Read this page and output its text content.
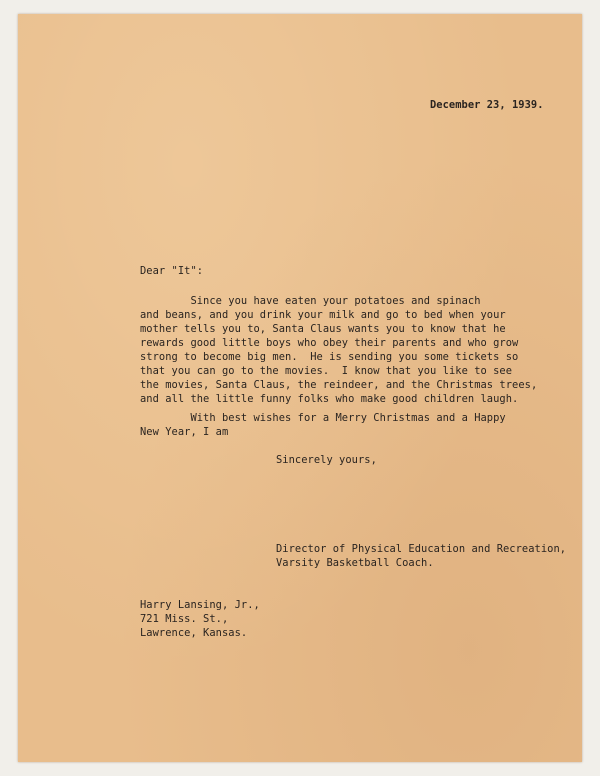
December 23, 1939.
Dear "It":
Since you have eaten your potatoes and spinach
and beans, and you drink your milk and go to bed when your
mother tells you to, Santa Claus wants you to know that he
rewards good little boys who obey their parents and who grow
strong to become big men.  He is sending you some tickets so
that you can go to the movies.  I know that you like to see
the movies, Santa Claus, the reindeer, and the Christmas trees,
and all the little funny folks who make good children laugh.
With best wishes for a Merry Christmas and a Happy
New Year, I am
Sincerely yours,
Director of Physical Education and Recreation,
Varsity Basketball Coach.
Harry Lansing, Jr.,
721 Miss. St.,
Lawrence, Kansas.
